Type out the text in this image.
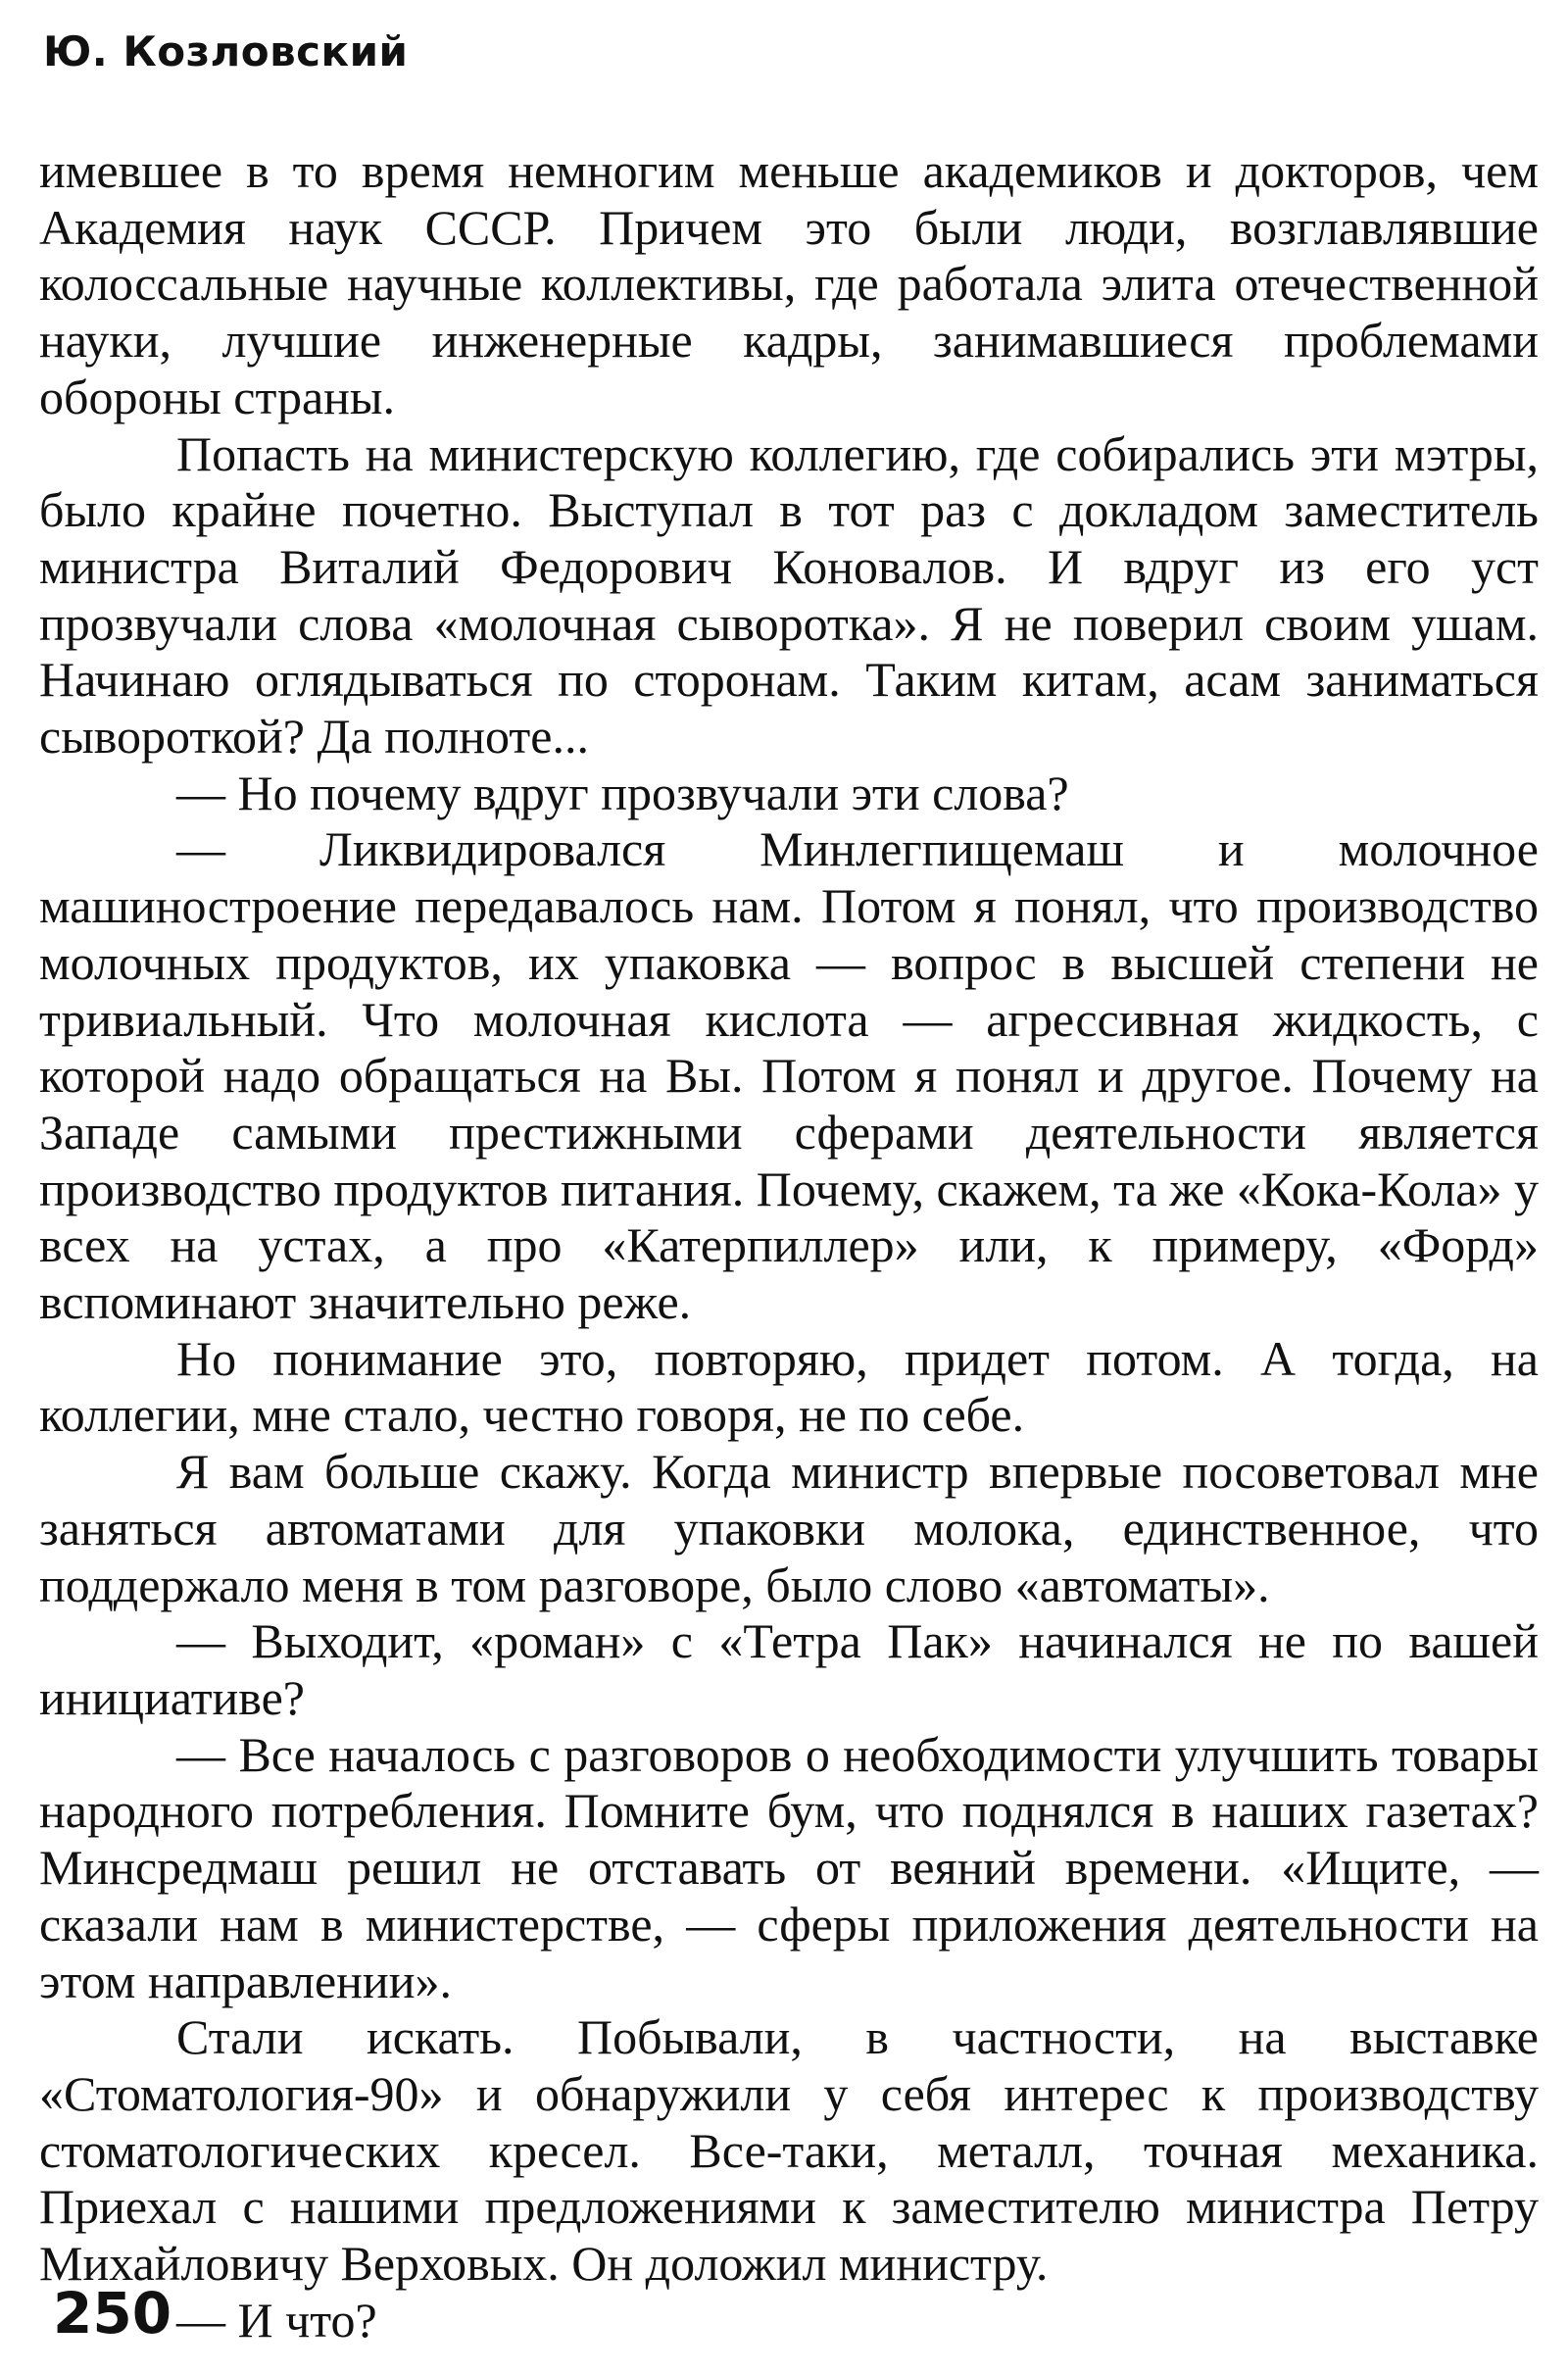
Ю. Козловский

имевшее в то время немногим меньше академиков и докторов, чем Академия наук СССР. Причем это были люди, возглавлявшие колоссальные научные коллективы, где работала элита отечественной науки, лучшие инженерные кадры, занимавшиеся проблемами обороны страны.

Попасть на министерскую коллегию, где собирались эти мэтры, было крайне почетно. Выступал в тот раз с докладом заместитель министра Виталий Федорович Коновалов. И вдруг из его уст прозвучали слова «молочная сыворотка». Я не поверил своим ушам. Начинаю оглядываться по сторонам. Таким китам, асам заниматься сывороткой? Да полноте...

— Но почему вдруг прозвучали эти слова?

— Ликвидировался Минлегпищемаш и молочное машиностроение передавалось нам. Потом я понял, что производство молочных продуктов, их упаковка — вопрос в высшей степени не тривиальный. Что молочная кислота — агрессивная жидкость, с которой надо обращаться на Вы. Потом я понял и другое. Почему на Западе самыми престижными сферами деятельности является производство продуктов питания. Почему, скажем, та же «Кока-Кола» у всех на устах, а про «Катерпиллер» или, к примеру, «Форд» вспоминают значительно реже.

Но понимание это, повторяю, придет потом. А тогда, на коллегии, мне стало, честно говоря, не по себе.

Я вам больше скажу. Когда министр впервые посоветовал мне заняться автоматами для упаковки молока, единственное, что поддержало меня в том разговоре, было слово «автоматы».

— Выходит, «роман» с «Тетра Пак» начинался не по вашей инициативе?

— Все началось с разговоров о необходимости улучшить товары народного потребления. Помните бум, что поднялся в наших газетах? Минсредмаш решил не отставать от веяний времени. «Ищите, — сказали нам в министерстве, — сферы приложения деятельности на этом направлении».

Стали искать. Побывали, в частности, на выставке «Стоматология-90» и обнаружили у себя интерес к производству стоматологических кресел. Все-таки, металл, точная механика. Приехал с нашими предложениями к заместителю министра Петру Михайловичу Верховых. Он доложил министру.

— И что?

250
